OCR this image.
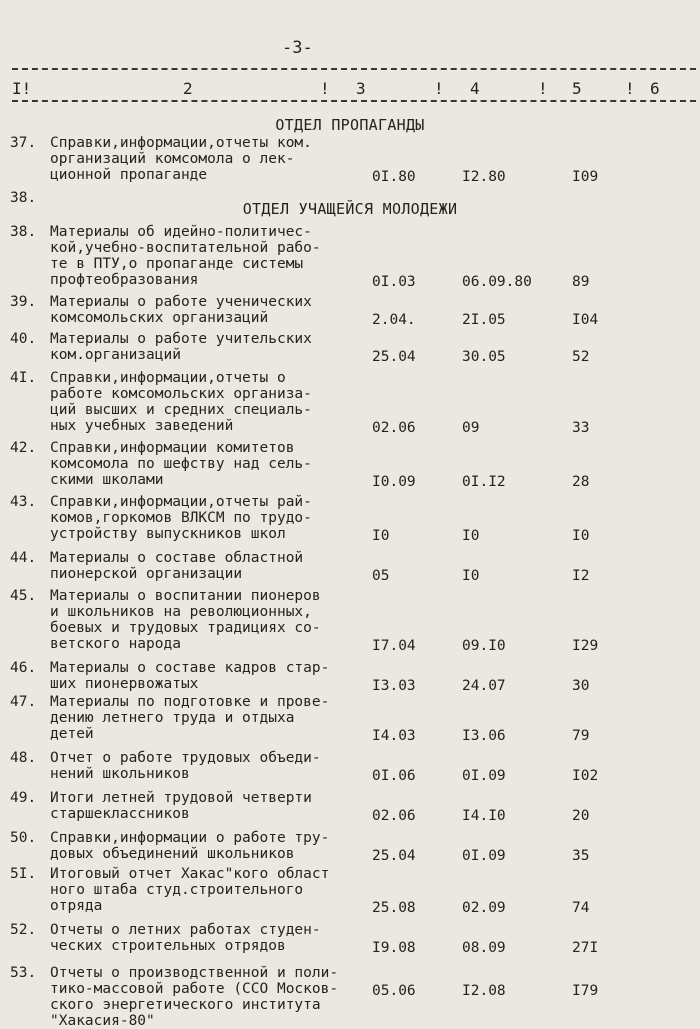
-3-
I!	2	! 3	! 4	! 5	! 6
ОТДЕЛ ПРОПАГАНДЫ
ОТДЕЛ УЧАЩЕЙСЯ МОЛОДЕЖИ
37. Справки,информации,отчеты ком.
организаций комсомола о лек-
ционной пропаганде	0I.80	I2.80	I09
38.
38. Материалы об идейно-политичес-
кой,учебно-воспитательной рабо-
те в ПТУ,о пропаганде системы
профтеобразования	0I.03	06.09.80	89
39. Материалы о работе ученических
комсомольских организаций	2.04.	2I.05	I04
40. Материалы о работе учительских
ком.организаций	25.04	30.05	52
4I. Справки,информации,отчеты о
работе комсомольских организа-
ций высших и средних специаль-
ных учебных заведений	02.06	09	33
42. Справки,информации комитетов
комсомола по шефству над сель-
скими школами	I0.09	0I.I2	28
43. Справки,информации,отчеты рай-
комов,горкомов ВЛКСМ по трудо-
устройству выпускников школ	I0	I0	I0
44. Материалы о составе областной
пионерской организации	05	I0	I2
45. Материалы о воспитании пионеров
и школьников на революционных,
боевых и трудовых традициях со-
ветского народа	I7.04	09.I0	I29
46. Материалы о составе кадров стар-
ших пионервожатых	I3.03	24.07	30
47. Материалы по подготовке и прове-
дению летнего труда и отдыха
детей	I4.03	I3.06	79
48. Отчет о работе трудовых объеди-
нений школьников	0I.06	0I.09	I02
49. Итоги летней трудовой четверти
старшеклассников	02.06	I4.I0	20
50. Справки,информации о работе тру-
довых объединений школьников	25.04	0I.09	35
5I. Итоговый отчет Хакас"кого област
ного штаба студ.строительного
отряда	25.08	02.09	74
52. Отчеты о летних работах студен-
ческих строительных отрядов	I9.08	08.09	27I
53. Отчеты о производственной и поли-
тико-массовой работе (ССО Москов-
ского энергетического института
"Хакасия-80"
05.06	I2.08	I79
